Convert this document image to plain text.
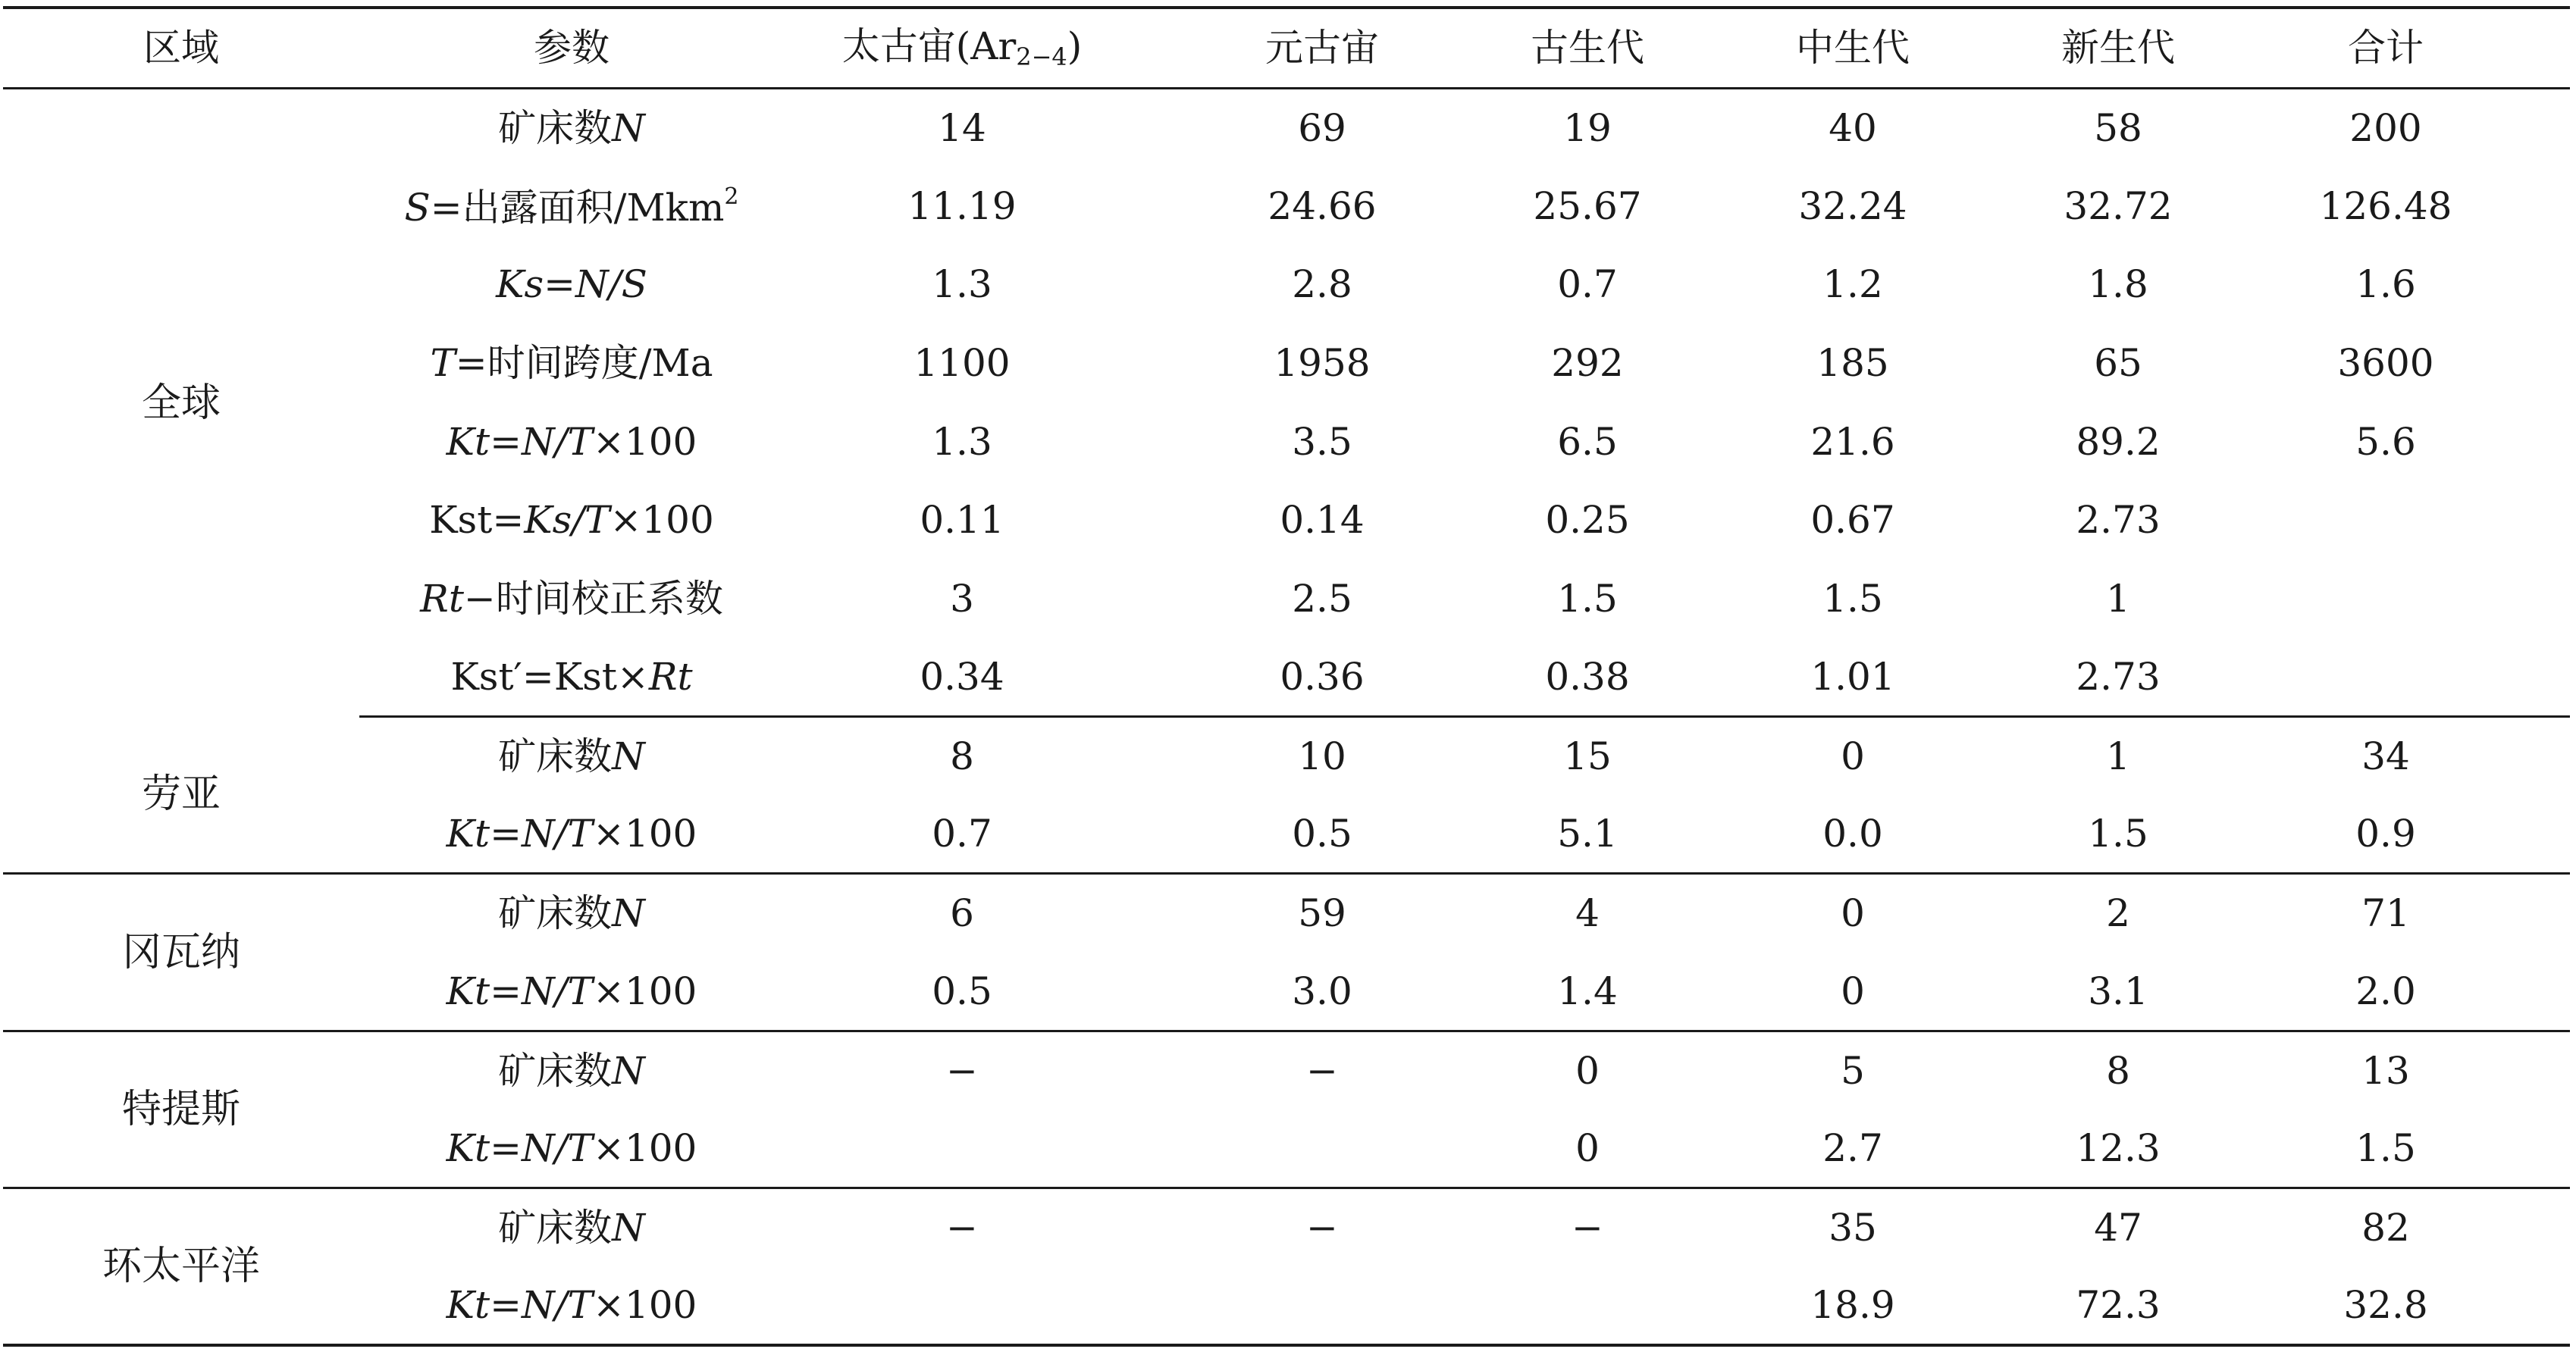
区域	参数	太古宙$(Ar_{2-4})$	元古宙	古生代	中生代	新生代	合计
全球	矿床数N	14	69	19	40	58	200
	S=出露面积/Mkm$^2$	11.19	24.66	25.67	32.24	32.72	126.48
	Ks=N/S	1.3	2.8	0.7	1.2	1.8	1.6
	T=时间跨度/Ma	1100	1958	292	185	65	3600
	Kt=N/T×100	1.3	3.5	6.5	21.6	89.2	5.6
	Kst=Ks/T×100	0.11	0.14	0.25	0.67	2.73	
	Rt−时间校正系数	3	2.5	1.5	1.5	1	
	Kst′=Kst×Rt	0.34	0.36	0.38	1.01	2.73	
劳亚	矿床数N	8	10	15	0	1	34
	Kt=N/T×100	0.7	0.5	5.1	0.0	1.5	0.9
冈瓦纳	矿床数N	6	59	4	0	2	71
	Kt=N/T×100	0.5	3.0	1.4	0	3.1	2.0
特提斯	矿床数N	−	−	0	5	8	13
	Kt=N/T×100			0	2.7	12.3	1.5
环太平洋	矿床数N	−	−	−	35	47	82
	Kt=N/T×100				18.9	72.3	32.8
